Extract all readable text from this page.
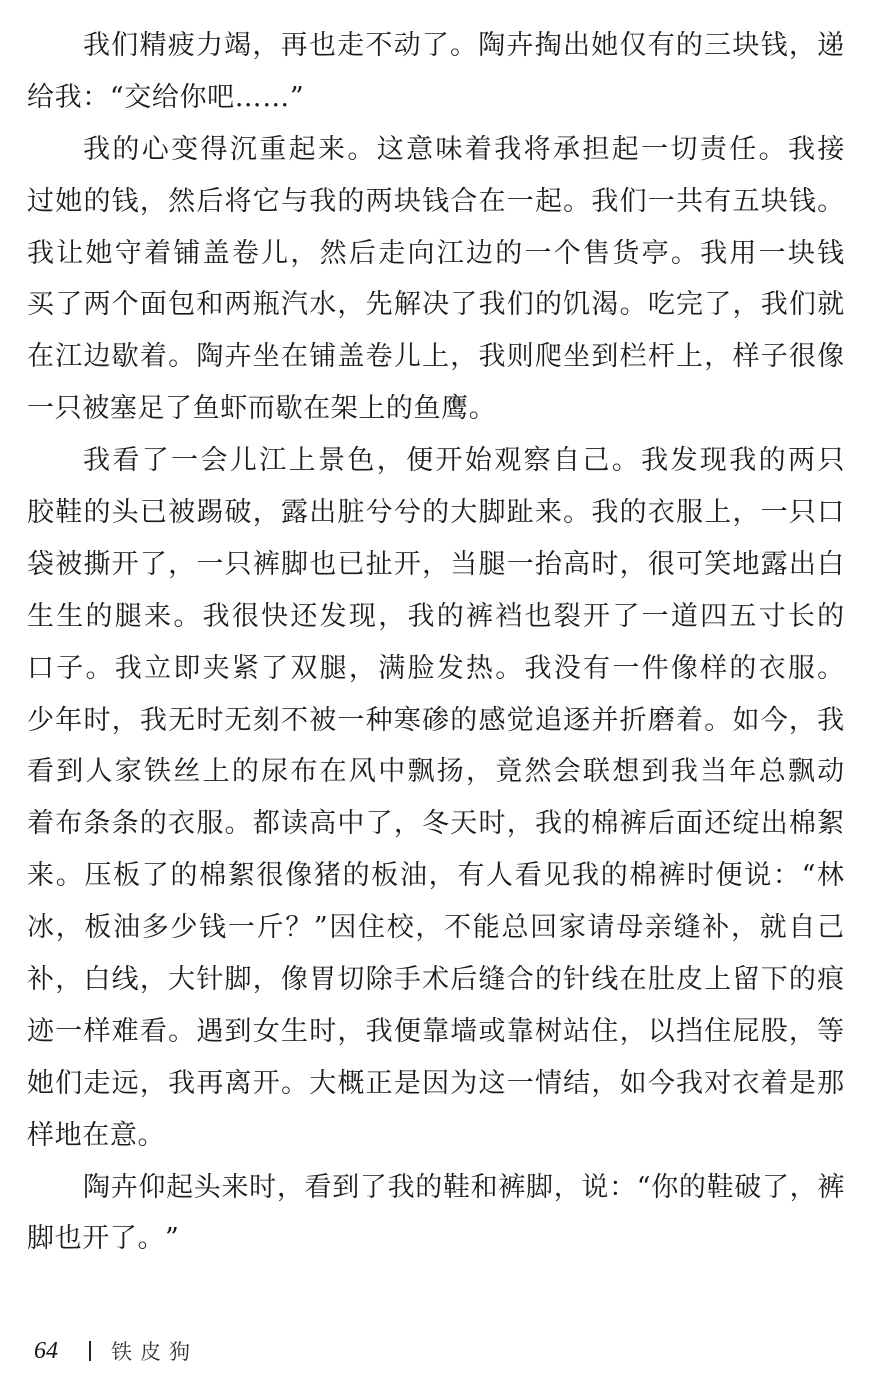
我 们 精 疲 力 竭 ， 再 也 走 不 动 了 。 陶 卉 掏 出 她 仅 有 的 三 块 钱 ， 递
给 我 ： “ 交 给 你 吧 … … ”
我 的 心 变 得 沉 重 起 来 。 这 意 味 着 我 将 承 担 起 一 切 责 任 。 我 接
过 她 的 钱 ， 然 后 将 它 与 我 的 两 块 钱 合 在 一 起 。 我 们 一 共 有 五 块 钱 。
我 让 她 守 着 铺 盖 卷 儿 ， 然 后 走 向 江 边 的 一 个 售 货 亭 。 我 用 一 块 钱
买 了 两 个 面 包 和 两 瓶 汽 水 ， 先 解 决 了 我 们 的 饥 渴 。 吃 完 了 ， 我 们 就
在 江 边 歇 着 。 陶 卉 坐 在 铺 盖 卷 儿 上 ， 我 则 爬 坐 到 栏 杆 上 ， 样 子 很 像
一 只 被 塞 足 了 鱼 虾 而 歇 在 架 上 的 鱼 鹰 。
我 看 了 一 会 儿 江 上 景 色 ， 便 开 始 观 察 自 己 。 我 发 现 我 的 两 只
胶 鞋 的 头 已 被 踢 破 ， 露 出 脏 兮 兮 的 大 脚 趾 来 。 我 的 衣 服 上 ， 一 只 口
袋 被 撕 开 了 ， 一 只 裤 脚 也 已 扯 开 ， 当 腿 一 抬 高 时 ， 很 可 笑 地 露 出 白
生 生 的 腿 来 。 我 很 快 还 发 现 ， 我 的 裤 裆 也 裂 开 了 一 道 四 五 寸 长 的
口 子 。 我 立 即 夹 紧 了 双 腿 ， 满 脸 发 热 。 我 没 有 一 件 像 样 的 衣 服 。
少 年 时 ， 我 无 时 无 刻 不 被 一 种 寒 碜 的 感 觉 追 逐 并 折 磨 着 。 如 今 ， 我
看 到 人 家 铁 丝 上 的 尿 布 在 风 中 飘 扬 ， 竟 然 会 联 想 到 我 当 年 总 飘 动
着 布 条 条 的 衣 服 。 都 读 高 中 了 ， 冬 天 时 ， 我 的 棉 裤 后 面 还 绽 出 棉 絮
来 。 压 板 了 的 棉 絮 很 像 猪 的 板 油 ， 有 人 看 见 我 的 棉 裤 时 便 说 ： “ 林
冰 ， 板 油 多 少 钱 一 斤 ？ ” 因 住 校 ， 不 能 总 回 家 请 母 亲 缝 补 ， 就 自 己
补 ， 白 线 ， 大 针 脚 ， 像 胃 切 除 手 术 后 缝 合 的 针 线 在 肚 皮 上 留 下 的 痕
迹 一 样 难 看 。 遇 到 女 生 时 ， 我 便 靠 墙 或 靠 树 站 住 ， 以 挡 住 屁 股 ， 等
她 们 走 远 ， 我 再 离 开 。 大 概 正 是 因 为 这 一 情 结 ， 如 今 我 对 衣 着 是 那
样 地 在 意 。
陶 卉 仰 起 头 来 时 ， 看 到 了 我 的 鞋 和 裤 脚 ， 说 ： “ 你 的 鞋 破 了 ， 裤
脚 也 开 了 。 ”
64	铁皮狗
